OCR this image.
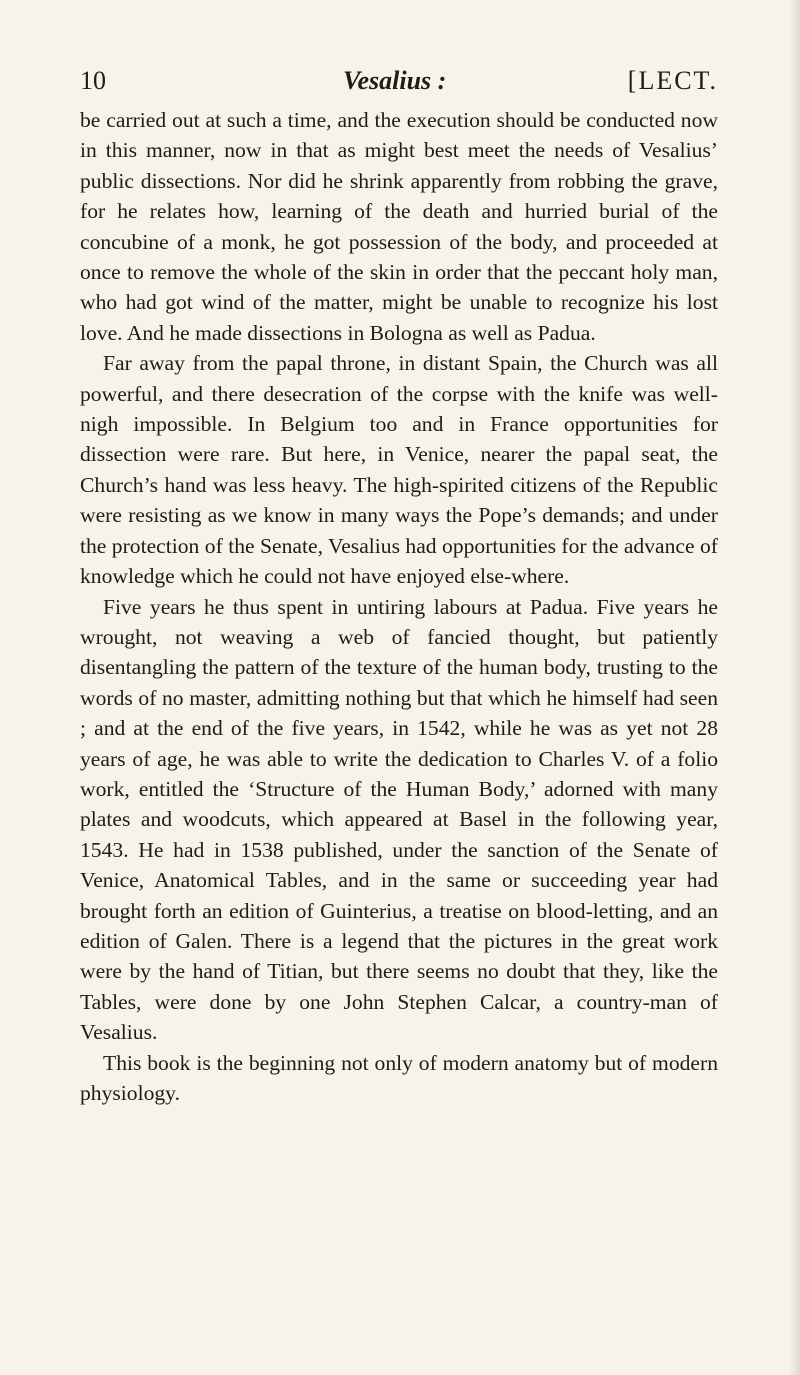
10	Vesalius :	[LECT.

be carried out at such a time, and the execution should be conducted now in this manner, now in that as might best meet the needs of Vesalius’ public dissections. Nor did he shrink apparently from robbing the grave, for he relates how, learning of the death and hurried burial of the concubine of a monk, he got possession of the body, and proceeded at once to remove the whole of the skin in order that the peccant holy man, who had got wind of the matter, might be unable to recognize his lost love. And he made dissections in Bologna as well as Padua.

Far away from the papal throne, in distant Spain, the Church was all powerful, and there desecration of the corpse with the knife was well-nigh impossible. In Belgium too and in France opportunities for dissection were rare. But here, in Venice, nearer the papal seat, the Church’s hand was less heavy. The high-spirited citizens of the Republic were resisting as we know in many ways the Pope’s demands; and under the protection of the Senate, Vesalius had opportunities for the advance of knowledge which he could not have enjoyed else-where.

Five years he thus spent in untiring labours at Padua. Five years he wrought, not weaving a web of fancied thought, but patiently disentangling the pattern of the texture of the human body, trusting to the words of no master, admitting nothing but that which he himself had seen ; and at the end of the five years, in 1542, while he was as yet not 28 years of age, he was able to write the dedication to Charles V. of a folio work, entitled the ‘Structure of the Human Body,’ adorned with many plates and woodcuts, which appeared at Basel in the following year, 1543. He had in 1538 published, under the sanction of the Senate of Venice, Anatomical Tables, and in the same or succeeding year had brought forth an edition of Guinterius, a treatise on blood-letting, and an edition of Galen. There is a legend that the pictures in the great work were by the hand of Titian, but there seems no doubt that they, like the Tables, were done by one John Stephen Calcar, a country-man of Vesalius.

This book is the beginning not only of modern anatomy but of modern physiology.
